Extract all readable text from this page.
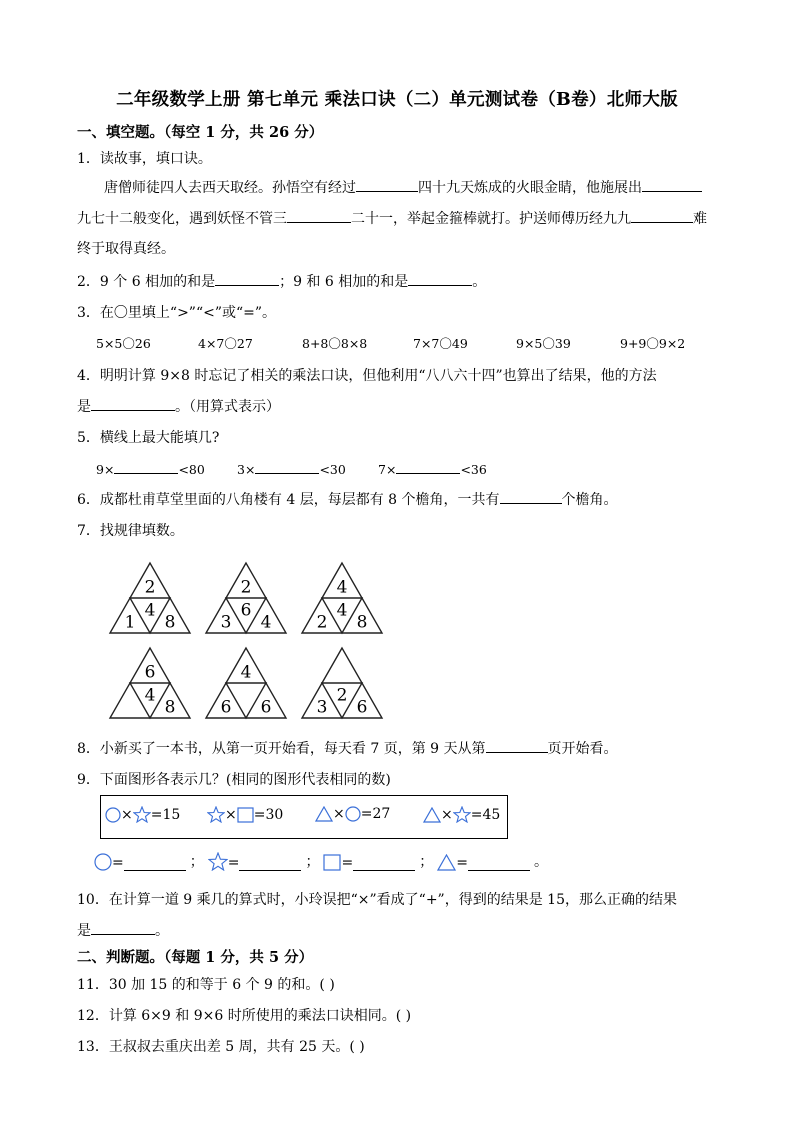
二年级数学上册 第七单元 乘法口诀（二）单元测试卷（B卷）北师大版
一、填空题。（每空 1 分，共 26 分）
1．读故事，填口诀。
唐僧师徒四人去西天取经。孙悟空有经过	四十九天炼成的火眼金睛，他施展出
九七十二般变化，遇到妖怪不管三	二十一，举起金箍棒就打。护送师傅历经九九	难
终于取得真经。
2．9 个 6 相加的和是	；9 和 6 相加的和是	。
3．在〇里填上“>”“<”或“=”。
5×5〇26	4×7〇27	8+8〇8×8	7×7〇49	9×5〇39	9+9〇9×2
4．明明计算 9×8 时忘记了相关的乘法口诀，但他利用“八八六十四”也算出了结果，他的方法
是	。（用算式表示）
5．横线上最大能填几?
9×	<80	3×	<30	7×	<36
6．成都杜甫草堂里面的八角楼有 4 层，每层都有 8 个檐角，一共有	个檐角。
7．找规律填数。
2
4
1 8
2
6
3 4
4
4
2 8
6
4
8
4
6 6
2
3 6
8．小新买了一本书，从第一页开始看，每天看 7 页，第 9 天从第	页开始看。
9．下面图形各表示几？(相同的图形代表相同的数)
× =15	× =30	× =27	× =45
=	； =	； =	； =	。
10．在计算一道 9 乘几的算式时，小玲误把“×”看成了“+”，得到的结果是 15，那么正确的结果
是	。
二、判断题。（每题 1 分，共 5 分）
11．30 加 15 的和等于 6 个 9 的和。( )
12．计算 6×9 和 9×6 时所使用的乘法口诀相同。( )
13．王叔叔去重庆出差 5 周，共有 25 天。( )
